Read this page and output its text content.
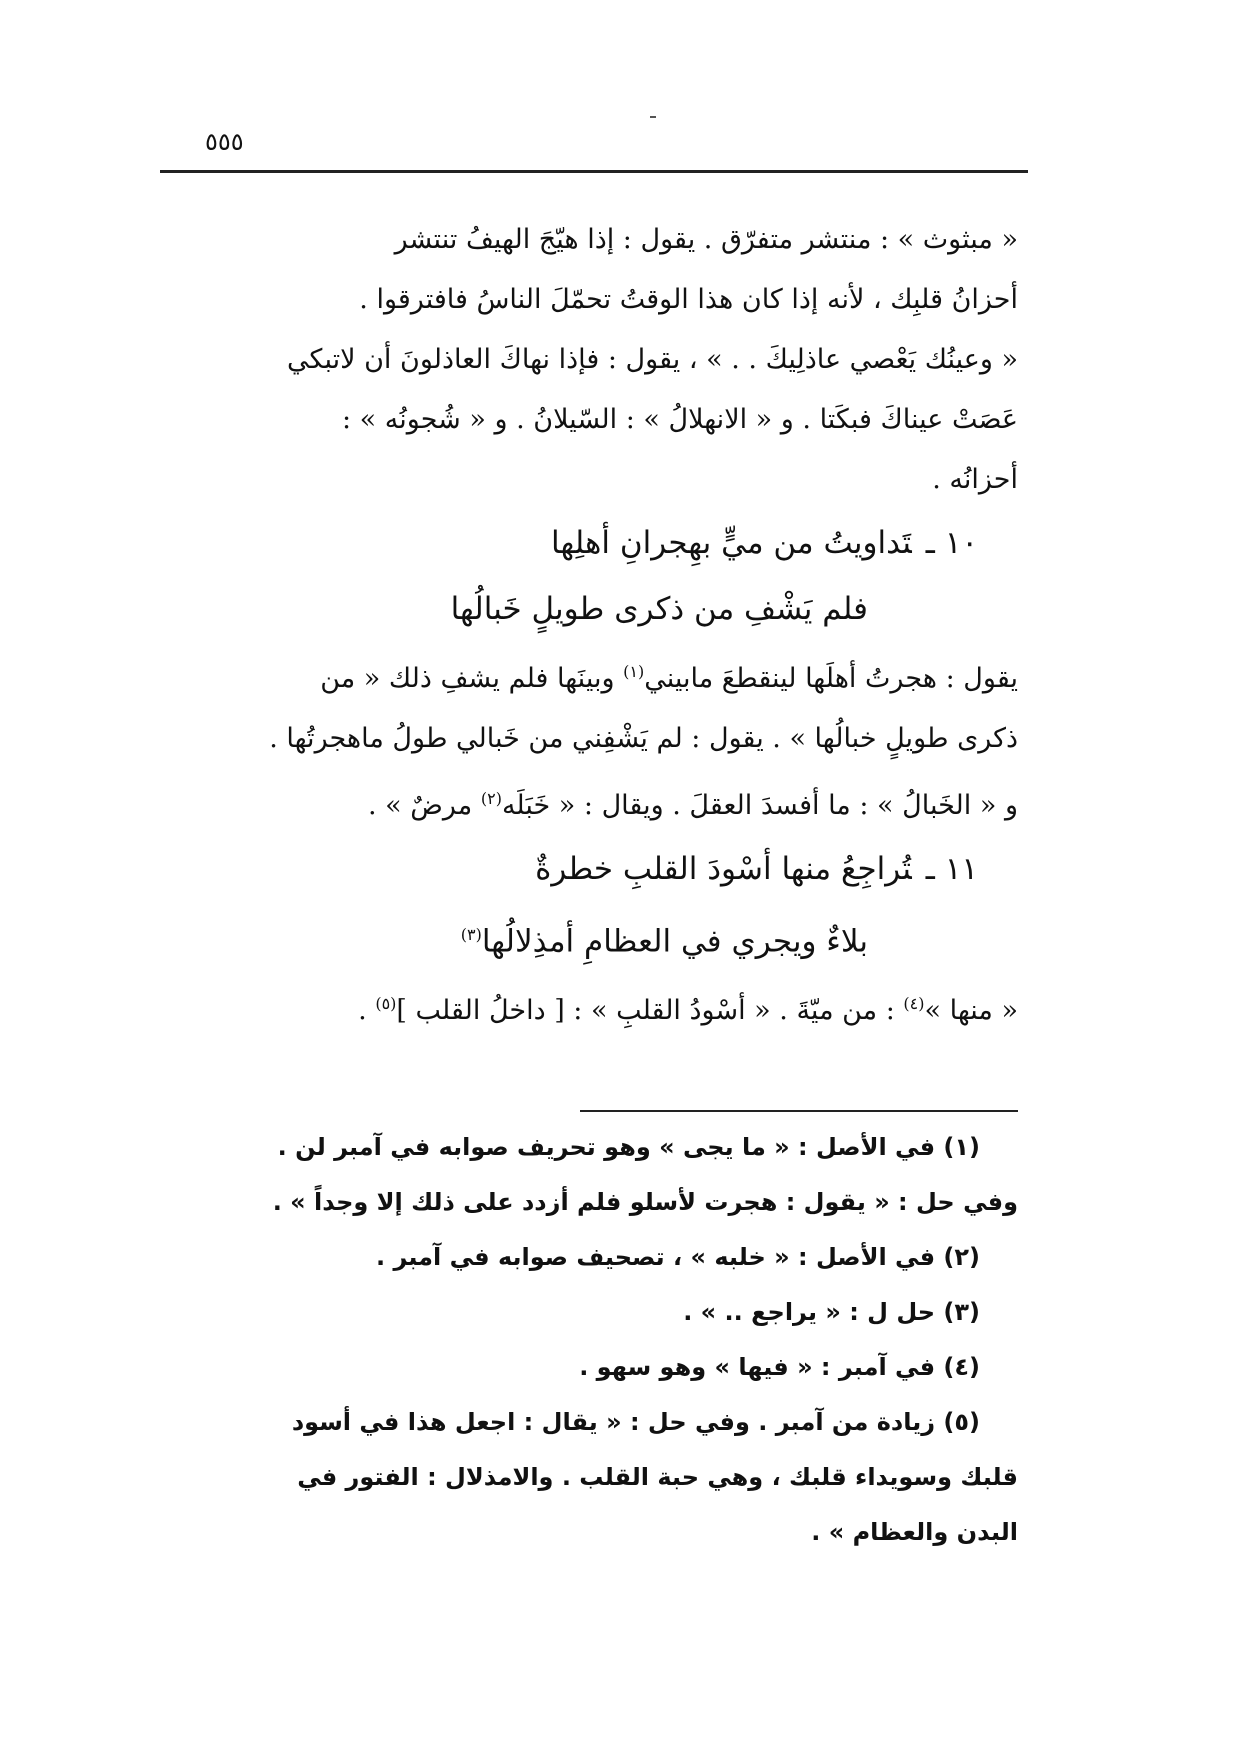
٥٥٥
« مبثوث » : منتشر متفرّق . يقول : إذا هيّجَ الهيفُ تنتشر
أحزانُ قلبِك ، لأنه إذا كان هذا الوقتُ تحمّلَ الناسُ فافترقوا .
« وعينُك يَعْصي عاذلِيكَ . . » ، يقول : فإذا نهاكَ العاذلونَ أن لاتبكي
عَصَتْ عيناكَ فبكَتا . و « الانهلالُ » : السّيلانُ . و « شُجونُه » :
أحزانُه .
١٠ ـتَداويتُ من ميٍّ بهِجرانِ أهلِها
فلم يَشْفِ من ذكرى طويلٍ خَبالُها
يقول : هجرتُ أهلَها لينقطعَ مابيني$^{(١)}$ وبينَها فلم يشفِ ذلك « من
ذكرى طويلٍ خبالُها » . يقول : لم يَشْفِني من خَبالي طولُ ماهجرتُها .
و « الخَبالُ » : ما أفسدَ العقلَ . ويقال : « خَبَلَه$^{(٢)}$ مرضٌ » .
١١ ـتُراجِعُ منها أسْودَ القلبِ خطرةٌ
بلاءٌ ويجري في العظامِ أمذِلالُها$^{(٣)}$
« منها »$^{(٤)}$ : من ميّةَ . « أسْودُ القلبِ » : [ داخلُ القلب ]$^{(٥)}$ .
(١) في الأصل : « ما يجى » وهو تحريف صوابه في آمبر لن .
وفي حل : « يقول : هجرت لأسلو فلم أزدد على ذلك إلا وجداً » .
(٢) في الأصل : « خلبه » ، تصحيف صوابه في آمبر .
(٣) حل ل : « يراجع .. » .
(٤) في آمبر : « فيها » وهو سهو .
(٥) زيادة من آمبر . وفي حل : « يقال : اجعل هذا في أسود
قلبك وسويداء قلبك ، وهي حبة القلب . والامذلال : الفتور في
البدن والعظام » .
